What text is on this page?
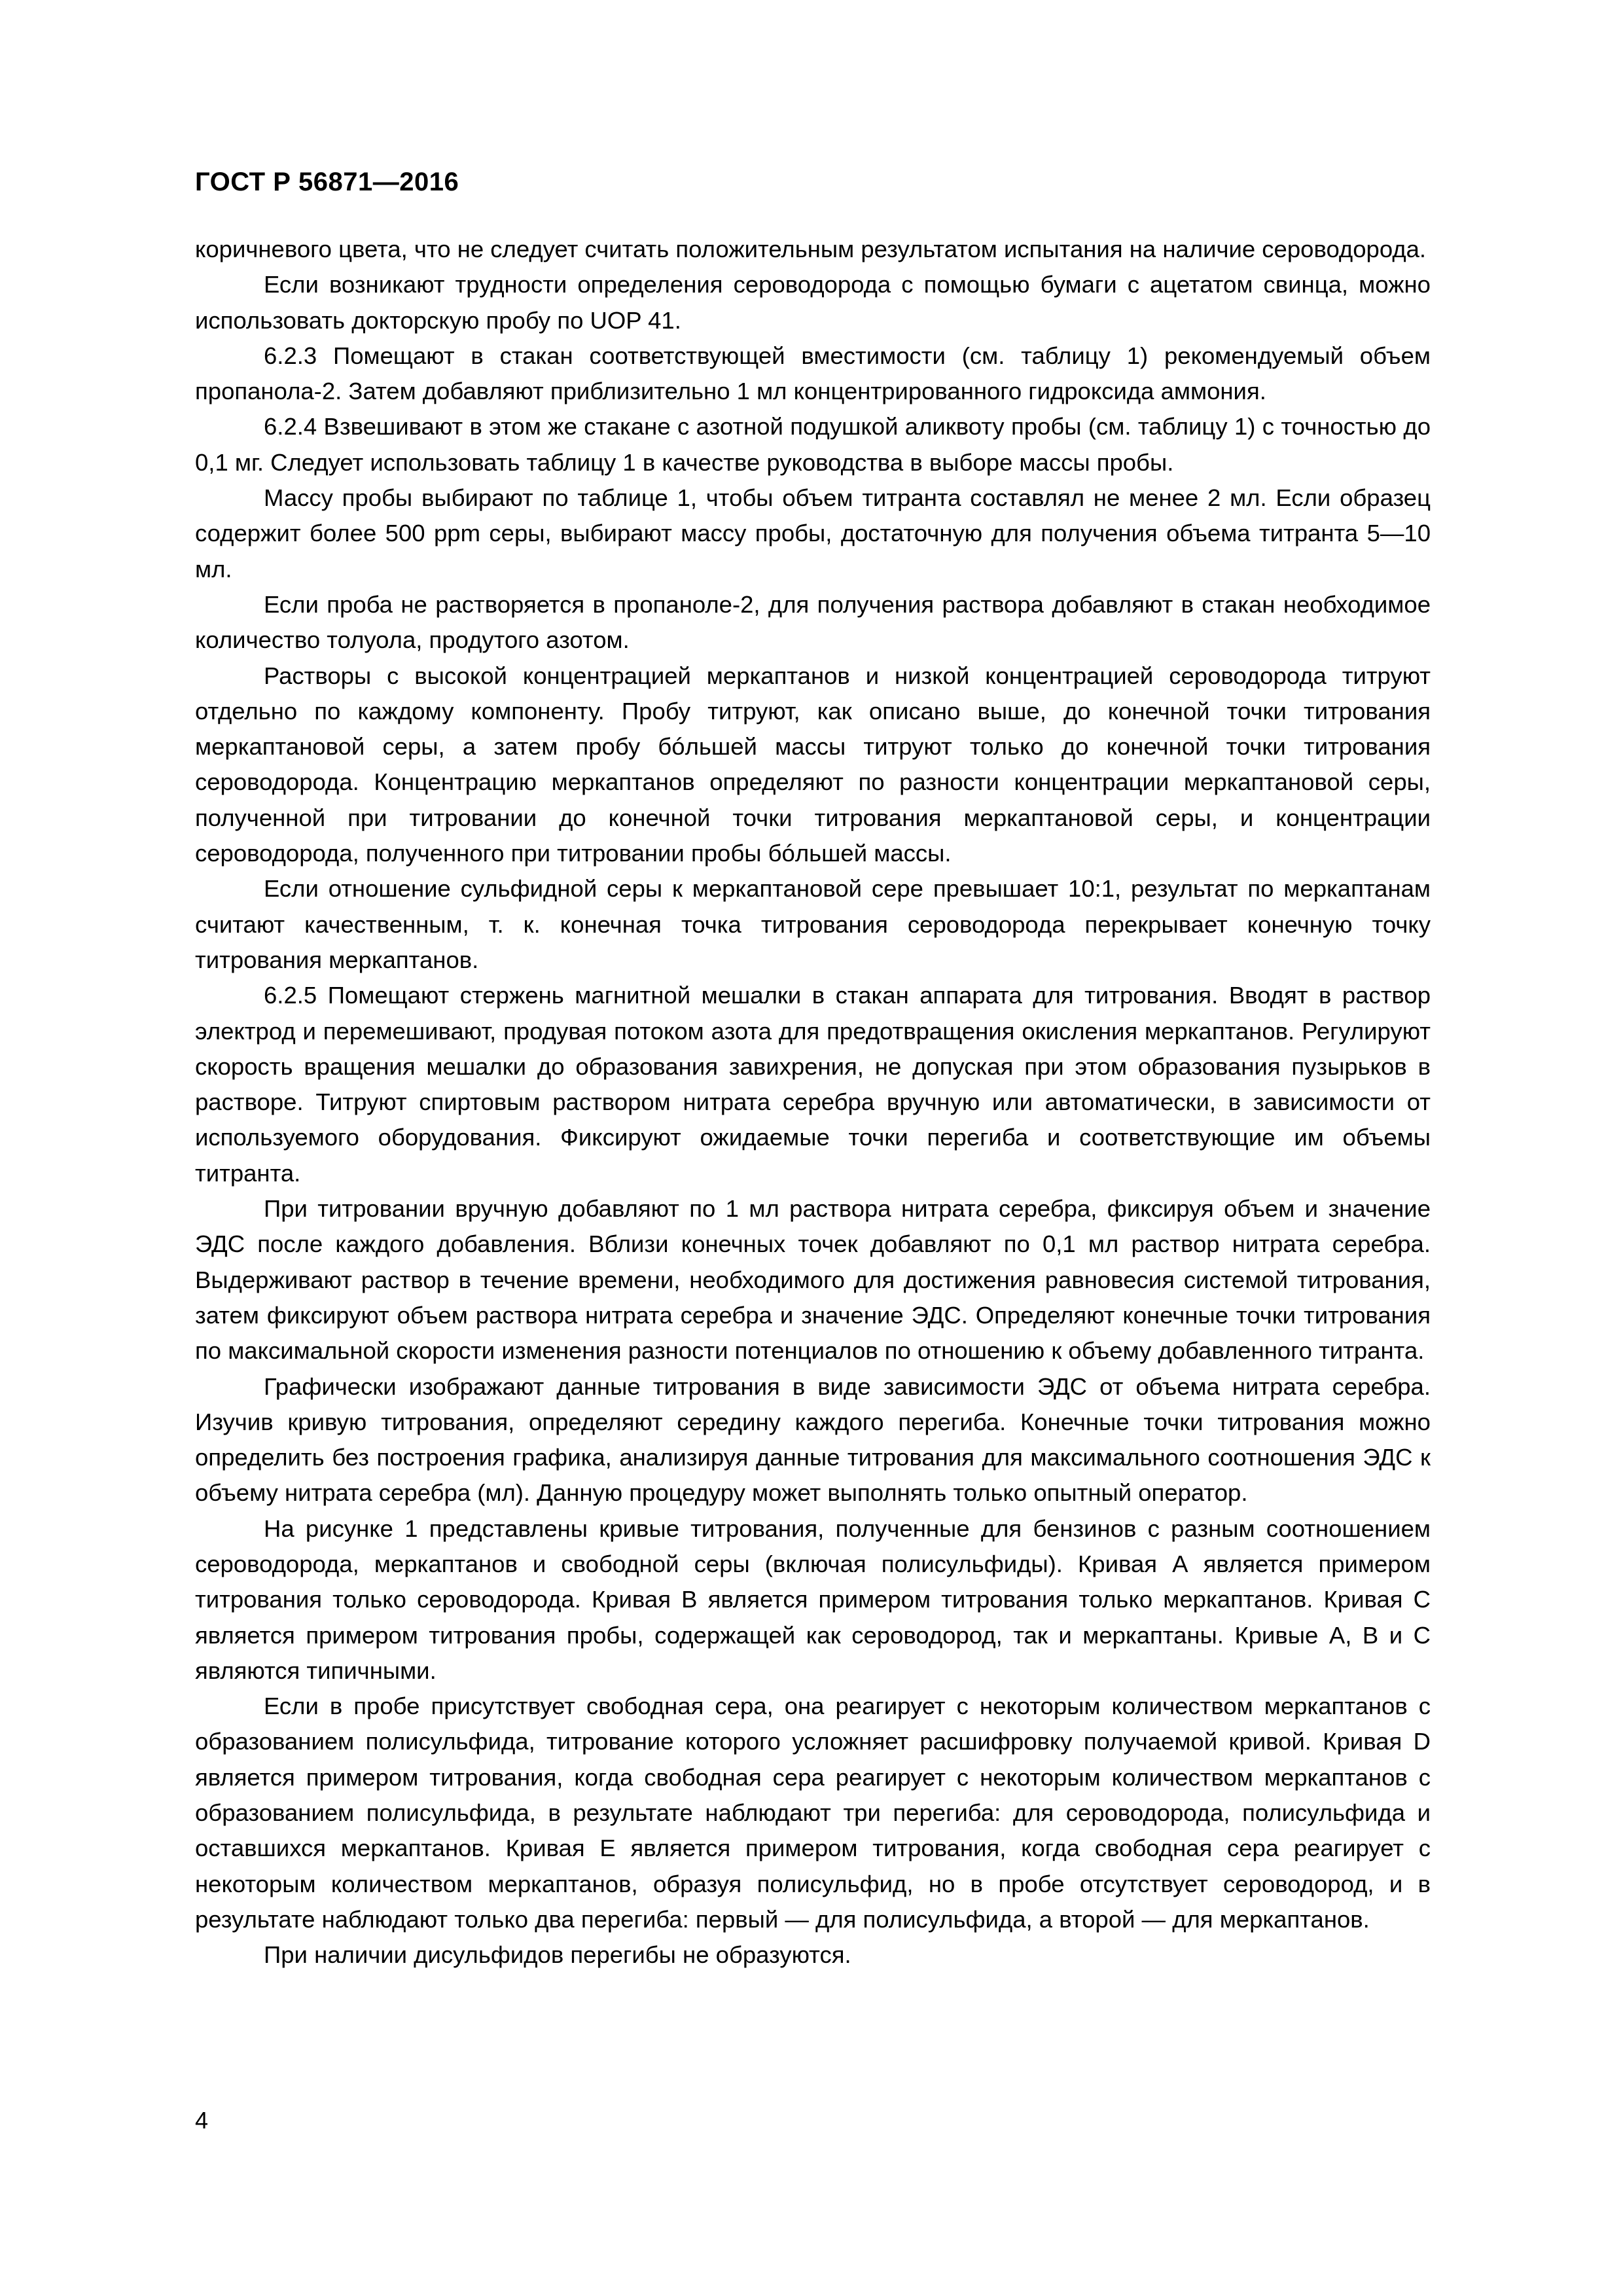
ГОСТ Р 56871—2016

коричневого цвета, что не следует считать положительным результатом испытания на наличие сероводорода.

Если возникают трудности определения сероводорода с помощью бумаги с ацетатом свинца, можно использовать докторскую пробу по UOP 41.

6.2.3 Помещают в стакан соответствующей вместимости (см. таблицу 1) рекомендуемый объем пропанола-2. Затем добавляют приблизительно 1 мл концентрированного гидроксида аммония.

6.2.4 Взвешивают в этом же стакане с азотной подушкой аликвоту пробы (см. таблицу 1) с точностью до 0,1 мг. Следует использовать таблицу 1 в качестве руководства в выборе массы пробы.

Массу пробы выбирают по таблице 1, чтобы объем титранта составлял не менее 2 мл. Если образец содержит более 500 ppm серы, выбирают массу пробы, достаточную для получения объема титранта 5—10 мл.

Если проба не растворяется в пропаноле-2, для получения раствора добавляют в стакан необходимое количество толуола, продутого азотом.

Растворы с высокой концентрацией меркаптанов и низкой концентрацией сероводорода титруют отдельно по каждому компоненту. Пробу титруют, как описано выше, до конечной точки титрования меркаптановой серы, а затем пробу бóльшей массы титруют только до конечной точки титрования сероводорода. Концентрацию меркаптанов определяют по разности концентрации меркаптановой серы, полученной при титровании до конечной точки титрования меркаптановой серы, и концентрации сероводорода, полученного при титровании пробы бóльшей массы.

Если отношение сульфидной серы к меркаптановой сере превышает 10:1, результат по меркаптанам считают качественным, т. к. конечная точка титрования сероводорода перекрывает конечную точку титрования меркаптанов.

6.2.5 Помещают стержень магнитной мешалки в стакан аппарата для титрования. Вводят в раствор электрод и перемешивают, продувая потоком азота для предотвращения окисления меркаптанов. Регулируют скорость вращения мешалки до образования завихрения, не допуская при этом образования пузырьков в растворе. Титруют спиртовым раствором нитрата серебра вручную или автоматически, в зависимости от используемого оборудования. Фиксируют ожидаемые точки перегиба и соответствующие им объемы титранта.

При титровании вручную добавляют по 1 мл раствора нитрата серебра, фиксируя объем и значение ЭДС после каждого добавления. Вблизи конечных точек добавляют по 0,1 мл раствор нитрата серебра. Выдерживают раствор в течение времени, необходимого для достижения равновесия системой титрования, затем фиксируют объем раствора нитрата серебра и значение ЭДС. Определяют конечные точки титрования по максимальной скорости изменения разности потенциалов по отношению к объему добавленного титранта.

Графически изображают данные титрования в виде зависимости ЭДС от объема нитрата серебра. Изучив кривую титрования, определяют середину каждого перегиба. Конечные точки титрования можно определить без построения графика, анализируя данные титрования для максимального соотношения ЭДС к объему нитрата серебра (мл). Данную процедуру может выполнять только опытный оператор.

На рисунке 1 представлены кривые титрования, полученные для бензинов с разным соотношением сероводорода, меркаптанов и свободной серы (включая полисульфиды). Кривая А является примером титрования только сероводорода. Кривая В является примером титрования только меркаптанов. Кривая С является примером титрования пробы, содержащей как сероводород, так и меркаптаны. Кривые А, В и С являются типичными.

Если в пробе присутствует свободная сера, она реагирует с некоторым количеством меркаптанов с образованием полисульфида, титрование которого усложняет расшифровку получаемой кривой. Кривая D является примером титрования, когда свободная сера реагирует с некоторым количеством меркаптанов с образованием полисульфида, в результате наблюдают три перегиба: для сероводорода, полисульфида и оставшихся меркаптанов. Кривая Е является примером титрования, когда свободная сера реагирует с некоторым количеством меркаптанов, образуя полисульфид, но в пробе отсутствует сероводород, и в результате наблюдают только два перегиба: первый — для полисульфида, а второй — для меркаптанов.

При наличии дисульфидов перегибы не образуются.

4
